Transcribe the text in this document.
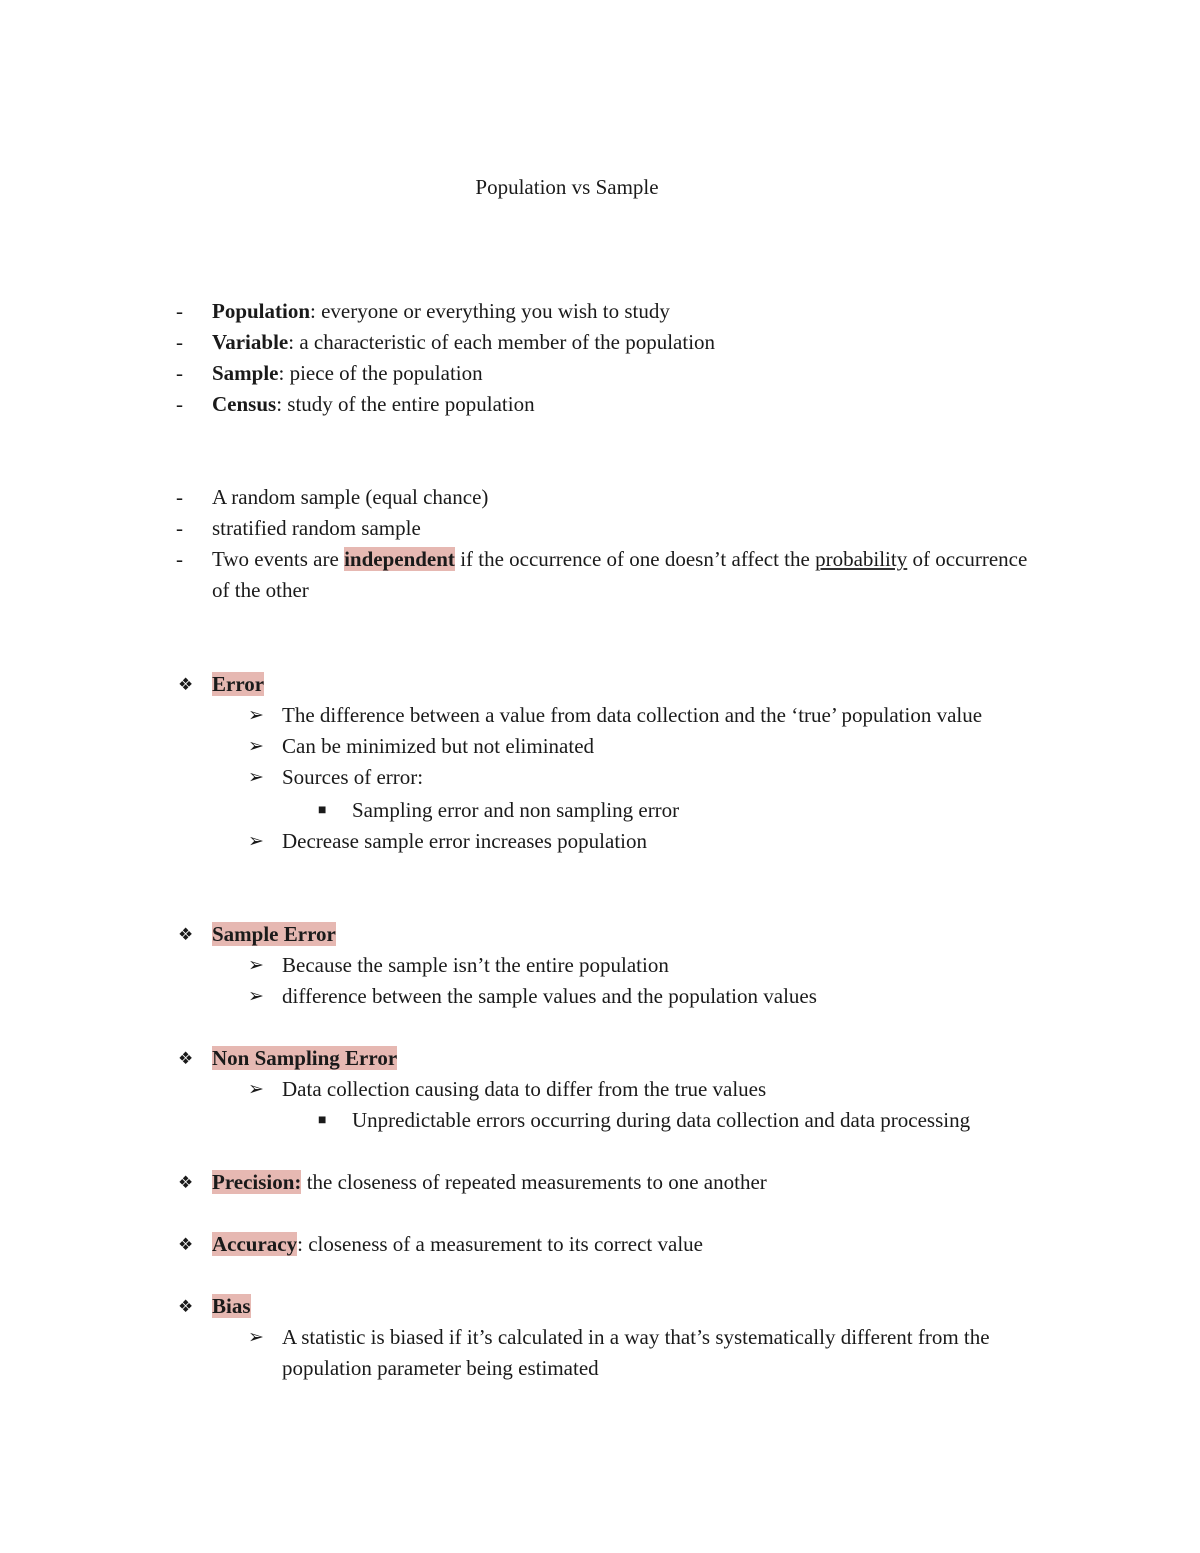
Population vs Sample
-	Population: everyone or everything you wish to study
-	Variable: a characteristic of each member of the population
-	Sample: piece of the population
-	Census: study of the entire population
-	A random sample (equal chance)
-	stratified random sample
-	Two events are independent if the occurrence of one doesn’t affect the probability of occurrence of the other
❖ Error
➢ The difference between a value from data collection and the ‘true’ population value
➢ Can be minimized but not eliminated
➢ Sources of error:
■ Sampling error and non sampling error
➢ Decrease sample error increases population
❖ Sample Error
➢ Because the sample isn’t the entire population
➢ difference between the sample values and the population values
❖ Non Sampling Error
➢ Data collection causing data to differ from the true values
■ Unpredictable errors occurring during data collection and data processing
❖ Precision: the closeness of repeated measurements to one another
❖ Accuracy: closeness of a measurement to its correct value
❖ Bias
➢ A statistic is biased if it’s calculated in a way that’s systematically different from the population parameter being estimated
